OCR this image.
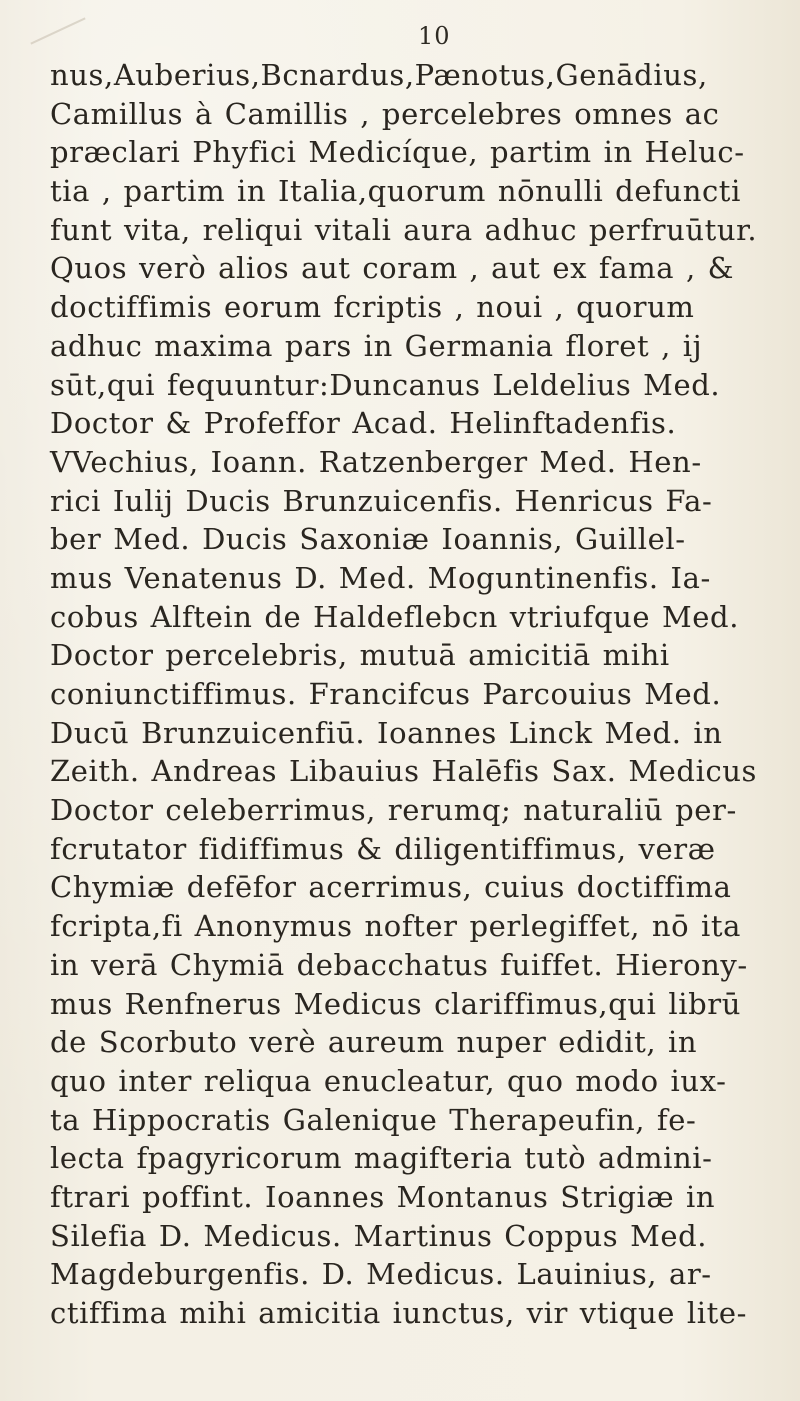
10
nus,Auberius,Bcnardus,Pænotus,Genādius,
Camillus à Camillis , percelebres omnes ac
præclari Phyfici Medicíque, partim in Heluc-
tia , partim in Italia,quorum nōnulli defuncti
funt vita, reliqui vitali aura adhuc perfruūtur.
Quos verò alios aut coram , aut ex fama , &
doctiffimis eorum fcriptis , noui , quorum
adhuc maxima pars in Germania floret , ij
sūt,qui fequuntur:Duncanus Leldelius Med.
Doctor & Profeffor Acad. Helinftadenfis.
VVechius, Ioann. Ratzenberger Med. Hen-
rici Iulij Ducis Brunzuicenfis. Henricus Fa-
ber Med. Ducis Saxoniæ Ioannis, Guillel-
mus Venatenus D. Med. Moguntinenfis. Ia-
cobus Alftein de Haldeflebcn vtriufque Med.
Doctor percelebris, mutuā amicitiā mihi
coniunctiffimus. Francifcus Parcouius Med.
Ducū Brunzuicenfiū. Ioannes Linck Med. in
Zeith. Andreas Libauius Halēfis Sax. Medicus
Doctor celeberrimus, rerumq; naturaliū per-
fcrutator fidiffimus & diligentiffimus, veræ
Chymiæ defēfor acerrimus, cuius doctiffima
fcripta,fi Anonymus nofter perlegiffet, nō ita
in verā Chymiā debacchatus fuiffet. Hierony-
mus Renfnerus Medicus clariffimus,qui librū
de Scorbuto verè aureum nuper edidit, in
quo inter reliqua enucleatur, quo modo iux-
ta Hippocratis Galenique Therapeufin, fe-
lecta fpagyricorum magifteria tutò admini-
ftrari poffint. Ioannes Montanus Strigiæ in
Silefia D. Medicus. Martinus Coppus Med.
Magdeburgenfis. D. Medicus. Lauinius, ar-
ctiffima mihi amicitia iunctus, vir vtique lite-
